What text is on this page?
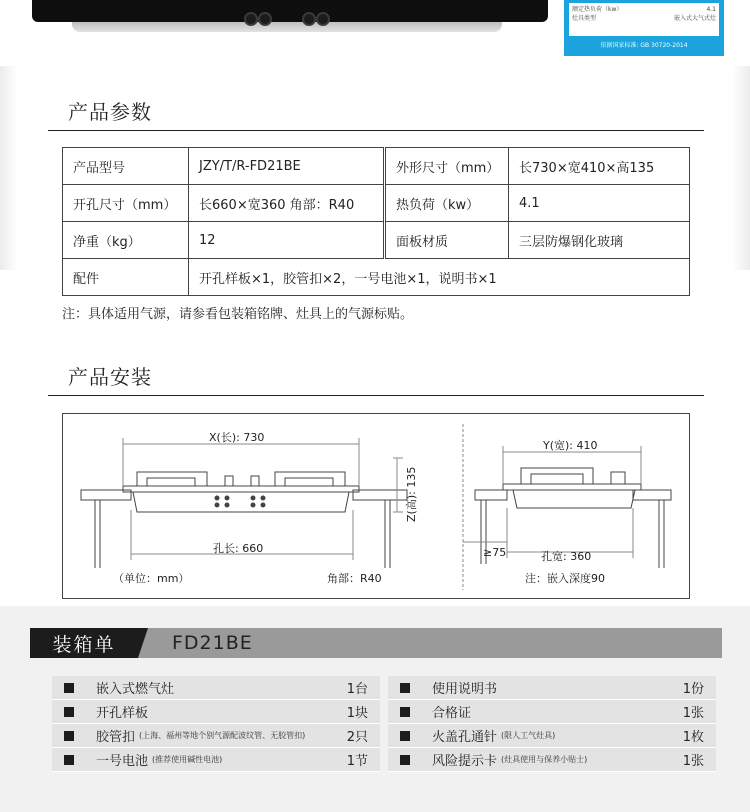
额定热负荷（kw）	4.1
灶具类型	嵌入式大气式灶
依据国家标准: GB 30720-2014
产品参数
产品型号	JZY/T/R-FD21BE	外形尺寸（mm）	长730×宽410×高135
开孔尺寸（mm）	长660×宽360 角部：R40	热负荷（kw）	4.1
净重（kg）	12	面板材质	三层防爆钢化玻璃
配件	开孔样板×1，胶管扣×2，一号电池×1，说明书×1		
注：具体适用气源，请参看包装箱铭牌、灶具上的气源标贴。
产品安装
X(长): 730
孔长: 660
Z(高): 135
（单位：mm）	角部：R40
Y(宽): 410
孔宽: 360
≥75
注：嵌入深度90
装箱单	FD21BE
嵌入式燃气灶	1台
开孔样板	1块
胶管扣 (上海、福州等地个别气源配波纹管、无胶管扣)	2只
一号电池 (推荐使用碱性电池)	1节
使用说明书	1份
合格证	1张
火盖孔通针 (限人工气灶具)	1枚
风险提示卡 (灶具使用与保养小贴士)	1张
